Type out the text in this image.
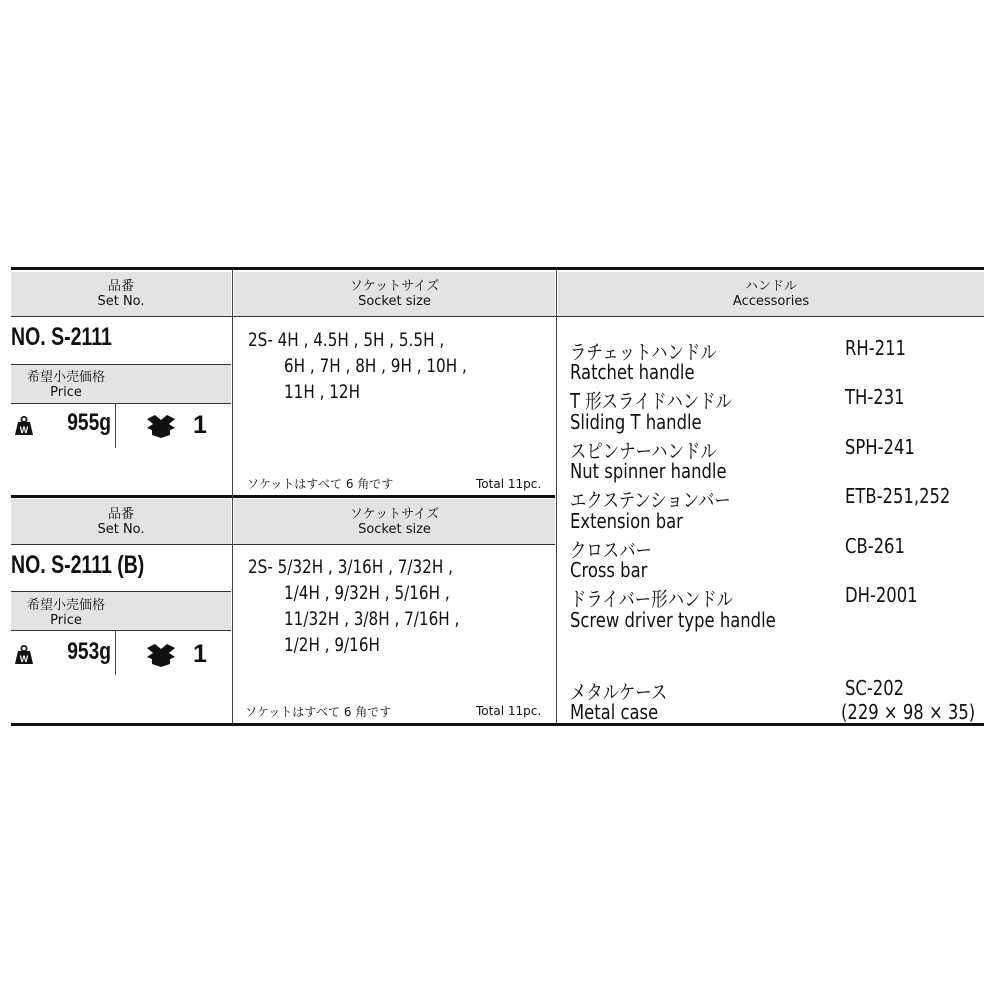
品番
Set No.
ソケットサイズ
Socket size
ハンドル
Accessories
品番
Set No.
ソケットサイズ
Socket size
NO. S-2111
希望小売価格
Price
W	955g	1
2S- 4H , 4.5H , 5H , 5.5H ,
6H , 7H , 8H , 9H , 10H ,
11H , 12H
ソケットはすべて 6 角です	Total 11pc.
NO. S-2111 (B)
希望小売価格
Price
W	953g	1
2S- 5/32H , 3/16H , 7/32H ,
1/4H , 9/32H , 5/16H ,
11/32H , 3/8H , 7/16H ,
1/2H , 9/16H
ソケットはすべて 6 角です	Total 11pc.
ラチェットハンドル
Ratchet handle
RH-211
T 形スライドハンドル
Sliding T handle
TH-231
スピンナーハンドル
Nut spinner handle
SPH-241
エクステンションバー
Extension bar
ETB-251,252
クロスバー
Cross bar
CB-261
ドライバー形ハンドル
Screw driver type handle
DH-2001
メタルケース
Metal case
SC-202
(229 × 98 × 35)
